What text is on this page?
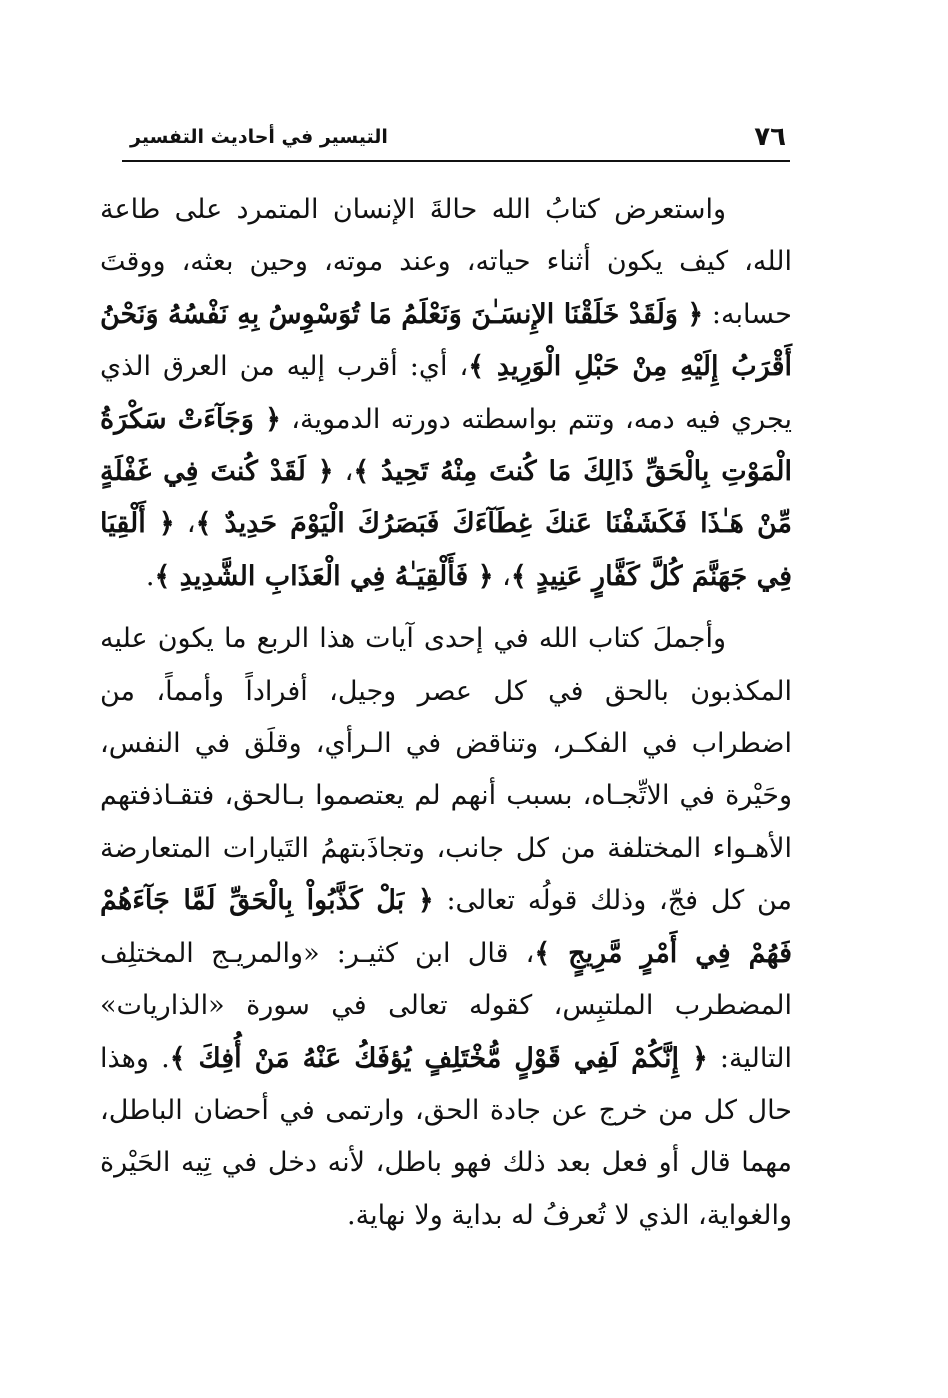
٧٦
التيسير في أحاديث التفسير

واستعرض كتابُ الله حالةَ الإنسان المتمرد على طاعة الله، كيف يكون أثناء حياته، وعند موته، وحين بعثه، ووقتَ حسابه: ﴿ وَلَقَدْ خَلَقْنَا الإِنسَـٰنَ وَنَعْلَمُ مَا تُوَسْوِسُ بِهِ نَفْسُهُ وَنَحْنُ أَقْرَبُ إِلَيْهِ مِنْ حَبْلِ الْوَرِيدِ ﴾، أي: أقرب إليه من العرق الذي يجري فيه دمه، وتتم بواسطته دورته الدموية، ﴿ وَجَآءَتْ سَكْرَةُ الْمَوْتِ بِالْحَقِّ ذَالِكَ مَا كُنتَ مِنْهُ تَحِيدُ ﴾، ﴿ لَقَدْ كُنتَ فِي غَفْلَةٍ مِّنْ هَـٰذَا فَكَشَفْنَا عَنكَ غِطَآءَكَ فَبَصَرُكَ الْيَوْمَ حَدِيدٌ ﴾، ﴿ أَلْقِيَا فِي جَهَنَّمَ كُلَّ كَفَّارٍ عَنِيدٍ ﴾، ﴿ فَأَلْقِيَـٰهُ فِي الْعَذَابِ الشَّدِيدِ ﴾.

وأجملَ كتاب الله في إحدى آيات هذا الربع ما يكون عليه المكذبون بالحق في كل عصر وجيل، أفراداً وأمماً، من اضطراب في الفكـر، وتناقض في الـرأي، وقلَق في النفس، وحَيْرة في الاتِّجـاه، بسبب أنهم لم يعتصموا بـالحق، فتقـاذفتهم الأهـواء المختلفة من كل جانب، وتجاذَبتهمُ التَيارات المتعارضة من كل فجّ، وذلك قولُه تعالى: ﴿ بَلْ كَذَّبُواْ بِالْحَقِّ لَمَّا جَآءَهُمْ فَهُمْ فِي أَمْرٍ مَّرِيجٍ ﴾، قال ابن كثيـر: «والمريـج المختلِف المضطرب الملتبِس، كقوله تعالى في سورة «الذاريات» التالية: ﴿ إِنَّكُمْ لَفِي قَوْلٍ مُّخْتَلِفٍ يُؤفَكُ عَنْهُ مَنْ أُفِكَ ﴾. وهذا حال كل من خرج عن جادة الحق، وارتمى في أحضان الباطل، مهما قال أو فعل بعد ذلك فهو باطل، لأنه دخل في تِيه الحَيْرة والغواية، الذي لا تُعرفُ له بداية ولا نهاية.
